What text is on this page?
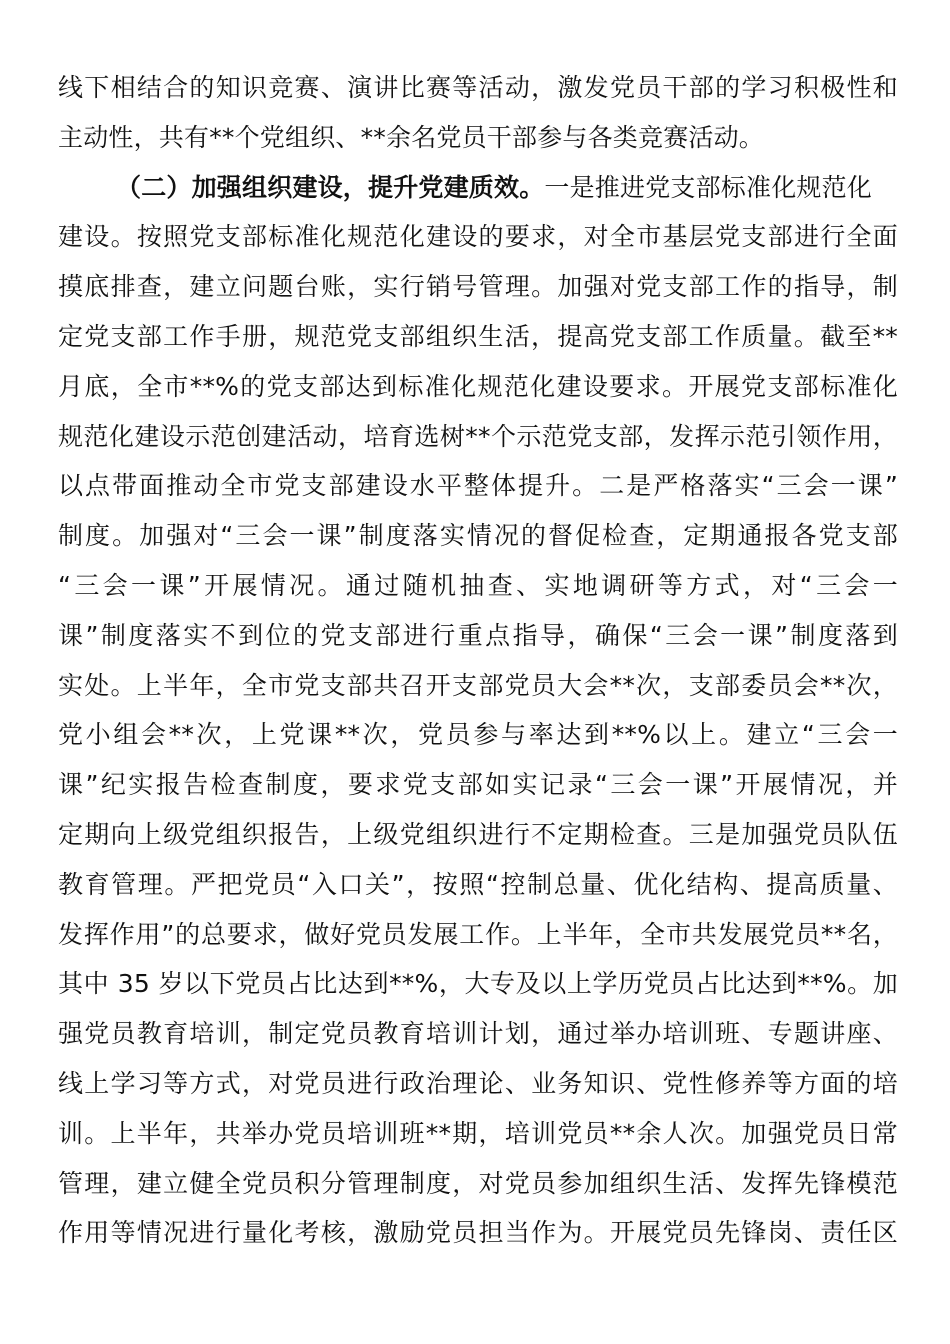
线下相结合的知识竞赛、演讲比赛等活动，激发党员干部的学习积极性和
主动性，共有**个党组织、**余名党员干部参与各类竞赛活动。
（二）加强组织建设，提升党建质效。一是推进党支部标准化规范化
建设。按照党支部标准化规范化建设的要求，对全市基层党支部进行全面
摸底排查，建立问题台账，实行销号管理。加强对党支部工作的指导，制
定党支部工作手册，规范党支部组织生活，提高党支部工作质量。截至**
月底，全市**%的党支部达到标准化规范化建设要求。开展党支部标准化
规范化建设示范创建活动，培育选树**个示范党支部，发挥示范引领作用，
以点带面推动全市党支部建设水平整体提升。二是严格落实“三会一课”
制度。加强对“三会一课”制度落实情况的督促检查，定期通报各党支部
“三会一课”开展情况。通过随机抽查、实地调研等方式，对“三会一
课”制度落实不到位的党支部进行重点指导，确保“三会一课”制度落到
实处。上半年，全市党支部共召开支部党员大会**次，支部委员会**次，
党小组会**次，上党课**次，党员参与率达到**%以上。建立“三会一
课”纪实报告检查制度，要求党支部如实记录“三会一课”开展情况，并
定期向上级党组织报告，上级党组织进行不定期检查。三是加强党员队伍
教育管理。严把党员“入口关”，按照“控制总量、优化结构、提高质量、
发挥作用”的总要求，做好党员发展工作。上半年，全市共发展党员**名，
其中 35 岁以下党员占比达到**%，大专及以上学历党员占比达到**%。加
强党员教育培训，制定党员教育培训计划，通过举办培训班、专题讲座、
线上学习等方式，对党员进行政治理论、业务知识、党性修养等方面的培
训。上半年，共举办党员培训班**期，培训党员**余人次。加强党员日常
管理，建立健全党员积分管理制度，对党员参加组织生活、发挥先锋模范
作用等情况进行量化考核，激励党员担当作为。开展党员先锋岗、责任区
